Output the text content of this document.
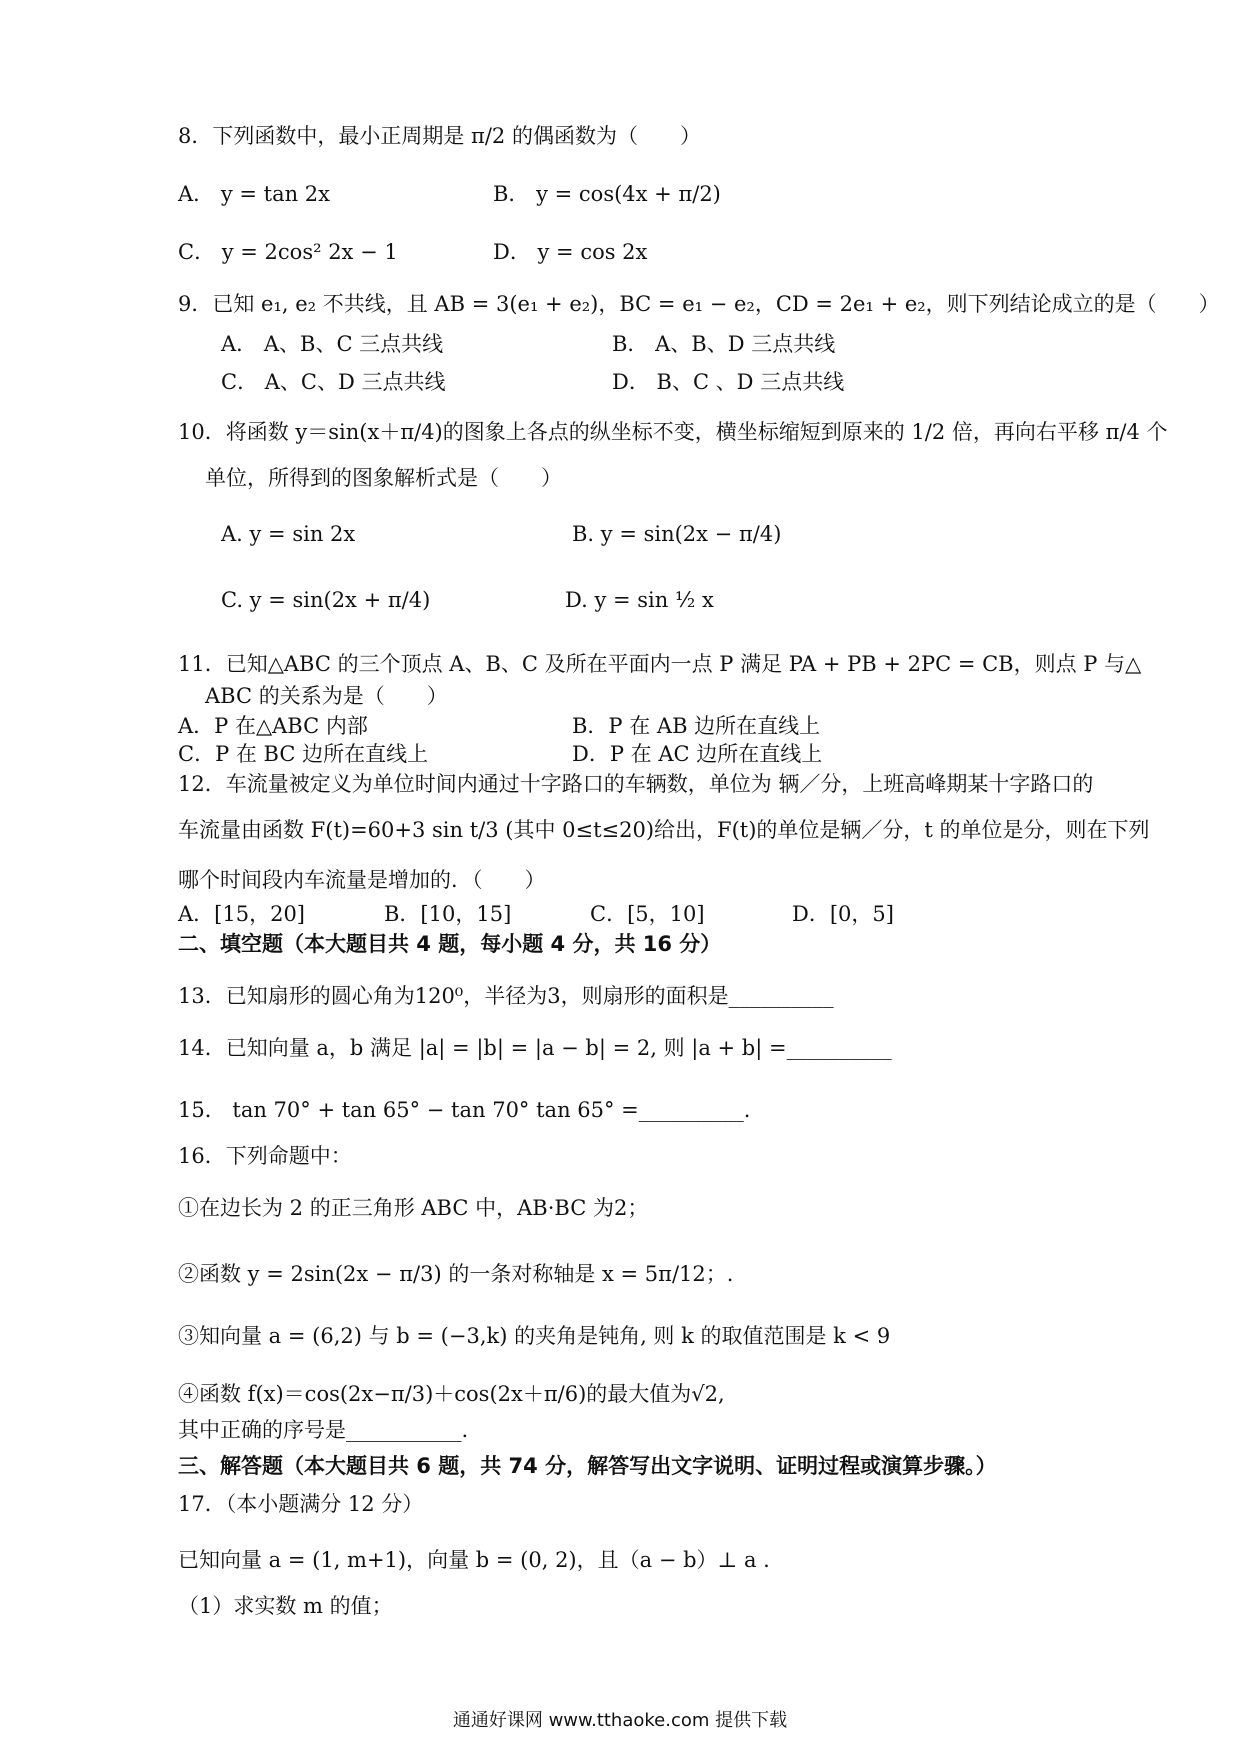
8．下列函数中，最小正周期是 π/2 的偶函数为（　　）
A． y = tan 2x	B． y = cos(4x + π/2)
C． y = 2cos² 2x − 1	D． y = cos 2x
9．已知 e₁, e₂ 不共线，且 AB = 3(e₁ + e₂)，BC = e₁ − e₂，CD = 2e₁ + e₂，则下列结论成立的是（　　）
A． A、B、C 三点共线	B． A、B、D 三点共线
C． A、C、D 三点共线	D． B、C 、D 三点共线
10．将函数 y＝sin(x＋π/4)的图象上各点的纵坐标不变，横坐标缩短到原来的 1/2 倍，再向右平移 π/4 个
单位，所得到的图象解析式是（　　）
A. y = sin 2x	B. y = sin(2x − π/4)
C. y = sin(2x + π/4)	D. y = sin ½ x
11．已知△ABC 的三个顶点 A、B、C 及所在平面内一点 P 满足 PA + PB + 2PC = CB，则点 P 与△
ABC 的关系为是（　　）
A．P 在△ABC 内部	B．P 在 AB 边所在直线上
C．P 在 BC 边所在直线上	D．P 在 AC 边所在直线上
12．车流量被定义为单位时间内通过十字路口的车辆数，单位为 辆／分，上班高峰期某十字路口的
车流量由函数 F(t)=60+3 sin t/3 (其中 0≤t≤20)给出，F(t)的单位是辆／分，t 的单位是分，则在下列
哪个时间段内车流量是增加的．（　　）
A．[15，20]	B．[10，15]	C．[5，10]	D．[0，5]
二、填空题（本大题目共 4 题，每小题 4 分，共 16 分）
13．已知扇形的圆心角为120⁰，半径为3，则扇形的面积是__________
14．已知向量 a，b 满足 |a| = |b| = |a − b| = 2, 则 |a + b| =__________
15． tan 70° + tan 65° − tan 70° tan 65° =__________.
16．下列命题中：
①在边长为 2 的正三角形 ABC 中，AB·BC 为2；
②函数 y = 2sin(2x − π/3) 的一条对称轴是 x = 5π/12；.
③知向量 a = (6,2) 与 b = (−3,k) 的夹角是钝角, 则 k 的取值范围是 k < 9
④函数 f(x)＝cos(2x−π/3)＋cos(2x＋π/6)的最大值为√2,
其中正确的序号是___________.
三、解答题（本大题目共 6 题，共 74 分，解答写出文字说明、证明过程或演算步骤。）
17．（本小题满分 12 分）
已知向量 a = (1, m+1)，向量 b = (0, 2)，且（a − b）⊥ a .
（1）求实数 m 的值；
通通好课网 www.tthaoke.com 提供下载
